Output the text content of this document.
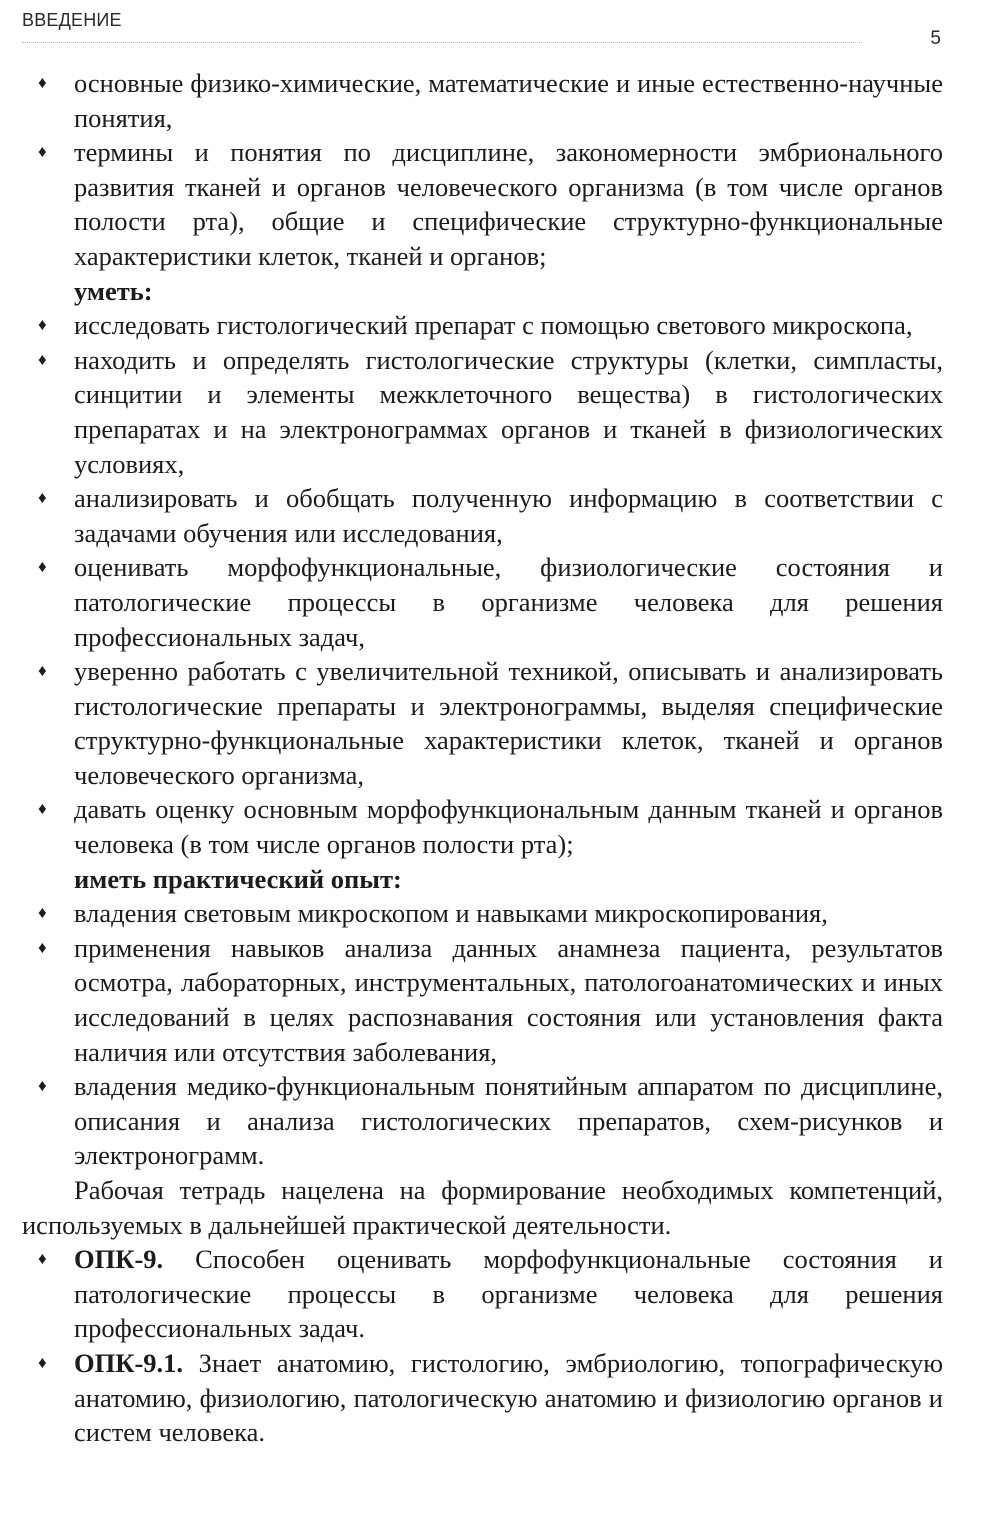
ВВЕДЕНИЕ
5
♦ основные физико-химические, математические и иные естественно-научные понятия,
♦ термины и понятия по дисциплине, закономерности эмбрионального развития тканей и органов человеческого организма (в том числе органов полости рта), общие и специфические структурно-функциональные характеристики клеток, тканей и органов;
уметь:
♦ исследовать гистологический препарат с помощью светового микроскопа,
♦ находить и определять гистологические структуры (клетки, симпласты, синцитии и элементы межклеточного вещества) в гистологических препаратах и на электронограммах органов и тканей в физиологических условиях,
♦ анализировать и обобщать полученную информацию в соответствии с задачами обучения или исследования,
♦ оценивать морфофункциональные, физиологические состояния и патологические процессы в организме человека для решения профессиональных задач,
♦ уверенно работать с увеличительной техникой, описывать и анализировать гистологические препараты и электронограммы, выделяя специфические структурно-функциональные характеристики клеток, тканей и органов человеческого организма,
♦ давать оценку основным морфофункциональным данным тканей и органов человека (в том числе органов полости рта);
иметь практический опыт:
♦ владения световым микроскопом и навыками микроскопирования,
♦ применения навыков анализа данных анамнеза пациента, результатов осмотра, лабораторных, инструментальных, патологоанатомических и иных исследований в целях распознавания состояния или установления факта наличия или отсутствия заболевания,
♦ владения медико-функциональным понятийным аппаратом по дисциплине, описания и анализа гистологических препаратов, схем-рисунков и электронограмм.
Рабочая тетрадь нацелена на формирование необходимых компетенций, используемых в дальнейшей практической деятельности.
♦ ОПК-9. Способен оценивать морфофункциональные состояния и патологические процессы в организме человека для решения профессиональных задач.
♦ ОПК-9.1. Знает анатомию, гистологию, эмбриологию, топографическую анатомию, физиологию, патологическую анатомию и физиологию органов и систем человека.
